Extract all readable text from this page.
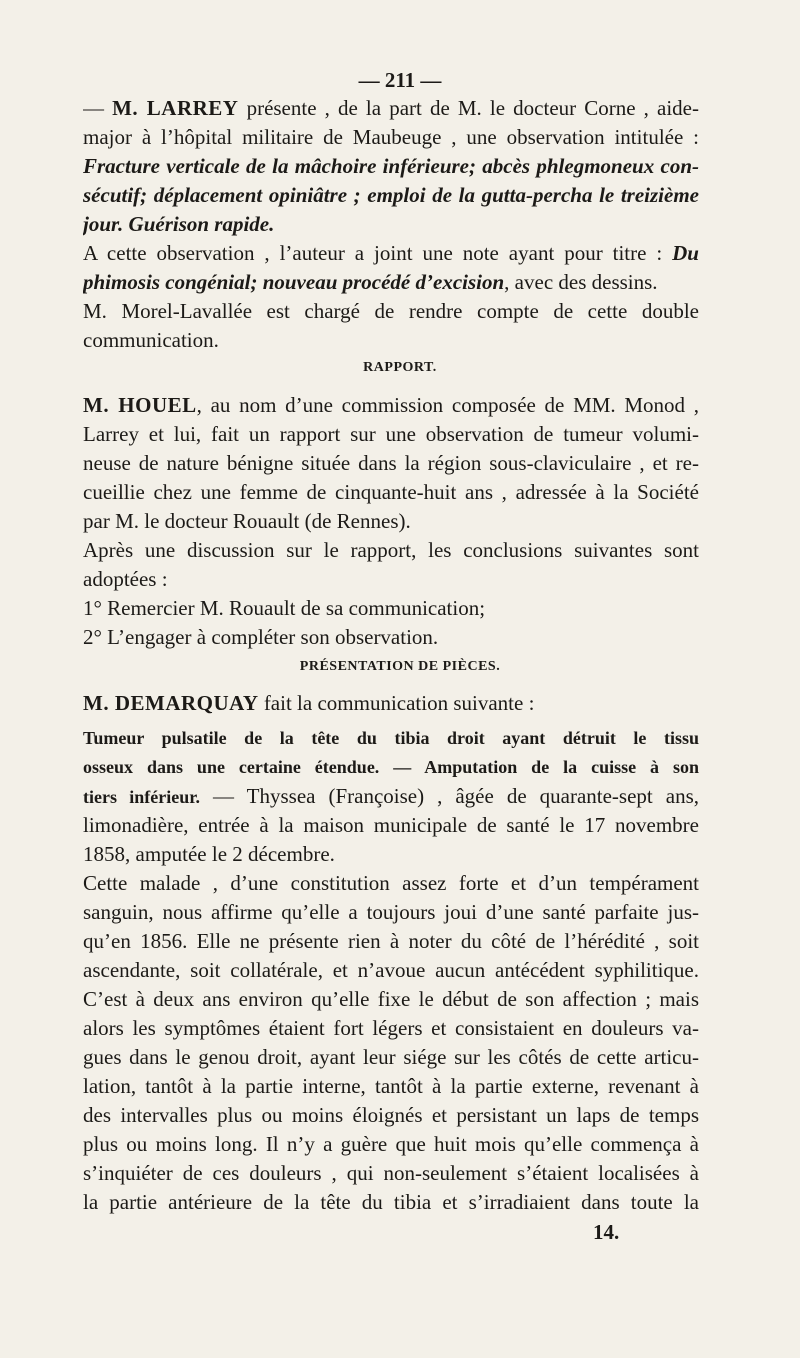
— 211 —
— M. LARREY présente , de la part de M. le docteur Corne , aide-
major à l’hôpital militaire de Maubeuge , une observation intitulée :
Fracture verticale de la mâchoire inférieure; abcès phlegmoneux con-
sécutif; déplacement opiniâtre ; emploi de la gutta-percha le treizième
jour. Guérison rapide.
A cette observation , l’auteur a joint une note ayant pour titre : Du
phimosis congénial; nouveau procédé d’excision, avec des dessins.
M. Morel-Lavallée est chargé de rendre compte de cette double
communication.
RAPPORT.
M. HOUEL, au nom d’une commission composée de MM. Monod ,
Larrey et lui, fait un rapport sur une observation de tumeur volumi-
neuse de nature bénigne située dans la région sous-claviculaire , et re-
cueillie chez une femme de cinquante-huit ans , adressée à la Société
par M. le docteur Rouault (de Rennes).
Après une discussion sur le rapport, les conclusions suivantes sont
adoptées :
1° Remercier M. Rouault de sa communication;
2° L’engager à compléter son observation.
PRÉSENTATION DE PIÈCES.
M. DEMARQUAY fait la communication suivante :
Tumeur pulsatile de la tête du tibia droit ayant détruit le tissu
osseux dans une certaine étendue. — Amputation de la cuisse à son
tiers inférieur. — Thyssea (Françoise) , âgée de quarante-sept ans,
limonadière, entrée à la maison municipale de santé le 17 novembre
1858, amputée le 2 décembre.
Cette malade , d’une constitution assez forte et d’un tempérament
sanguin, nous affirme qu’elle a toujours joui d’une santé parfaite jus-
qu’en 1856. Elle ne présente rien à noter du côté de l’hérédité , soit
ascendante, soit collatérale, et n’avoue aucun antécédent syphilitique.
C’est à deux ans environ qu’elle fixe le début de son affection ; mais
alors les symptômes étaient fort légers et consistaient en douleurs va-
gues dans le genou droit, ayant leur siége sur les côtés de cette articu-
lation, tantôt à la partie interne, tantôt à la partie externe, revenant à
des intervalles plus ou moins éloignés et persistant un laps de temps
plus ou moins long. Il n’y a guère que huit mois qu’elle commença à
s’inquiéter de ces douleurs , qui non-seulement s’étaient localisées à
la partie antérieure de la tête du tibia et s’irradiaient dans toute la
14.
